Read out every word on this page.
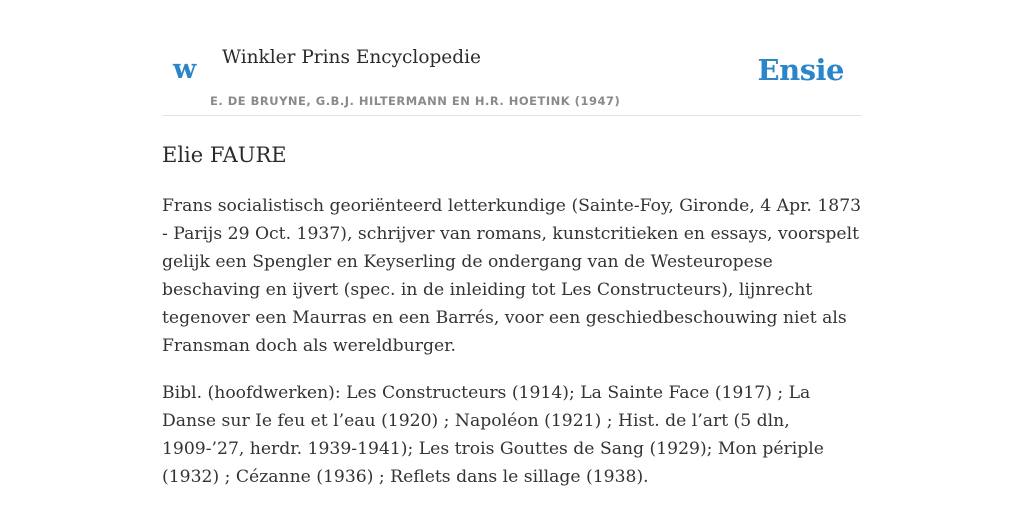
w Winkler Prins Encyclopedie
E. DE BRUYNE, G.B.J. HILTERMANN EN H.R. HOETINK (1947)
Ensie
Elie FAURE

Frans socialistisch georiënteerd letterkundige (Sainte-Foy, Gironde, 4 Apr. 1873 - Parijs 29 Oct. 1937), schrijver van romans, kunstcritieken en essays, voorspelt gelijk een Spengler en Keyserling de ondergang van de Westeuropese beschaving en ijvert (spec. in de inleiding tot Les Constructeurs), lijnrecht tegenover een Maurras en een Barrés, voor een geschiedbeschouwing niet als Fransman doch als wereldburger.

Bibl. (hoofdwerken): Les Constructeurs (1914); La Sainte Face (1917) ; La Danse sur Ie feu et l’eau (1920) ; Napoléon (1921) ; Hist. de l’art (5 dln, 1909-’27, herdr. 1939-1941); Les trois Gouttes de Sang (1929); Mon périple (1932) ; Cézanne (1936) ; Reflets dans le sillage (1938).
